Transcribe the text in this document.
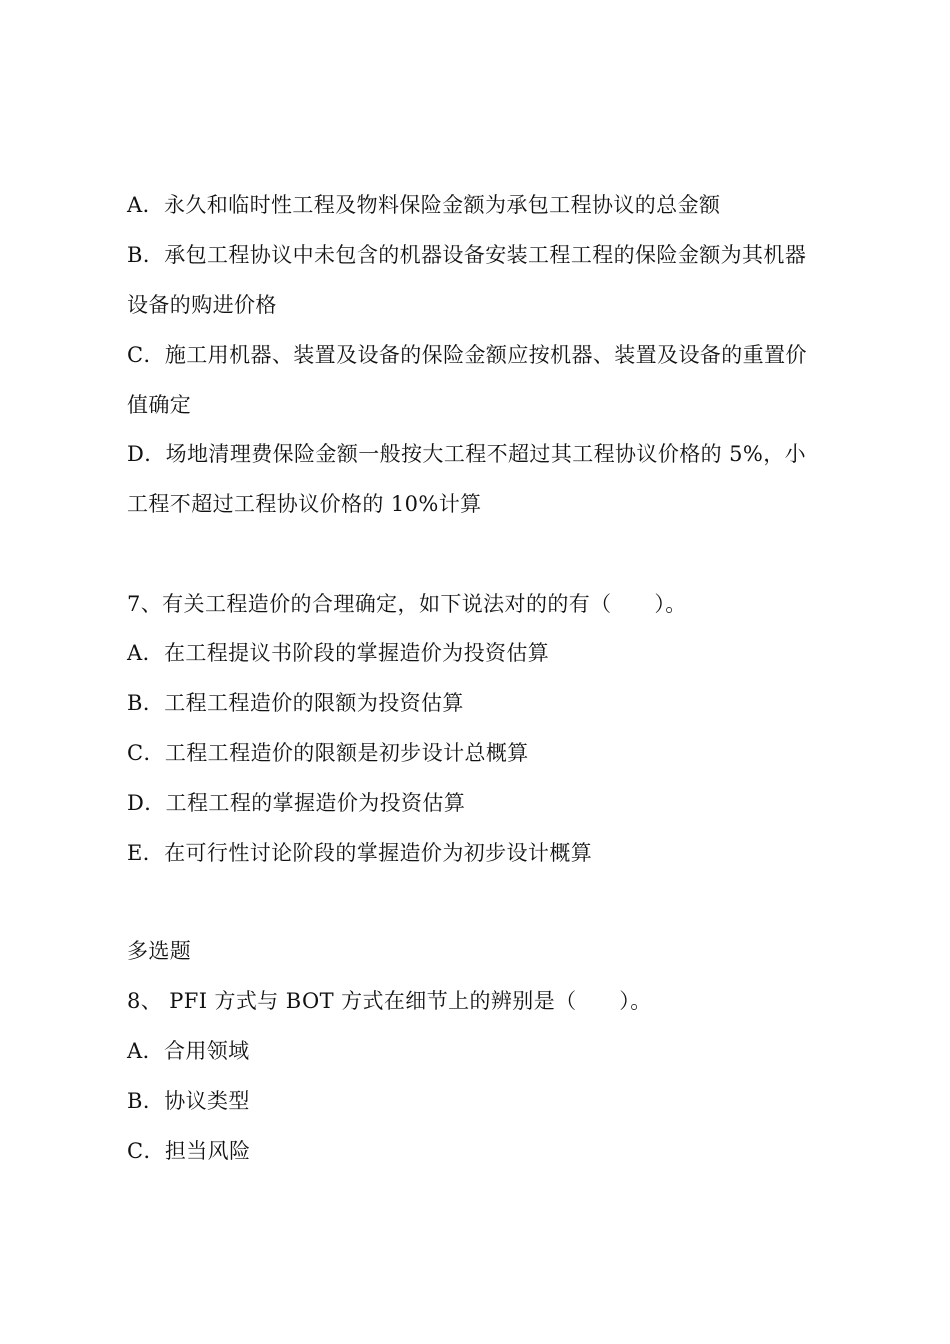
A．永久和临时性工程及物料保险金额为承包工程协议的总金额
B．承包工程协议中未包含的机器设备安装工程工程的保险金额为其机器
设备的购进价格
C．施工用机器、装置及设备的保险金额应按机器、装置及设备的重置价
值确定
D．场地清理费保险金额一般按大工程不超过其工程协议价格的 5%，小
工程不超过工程协议价格的 10%计算
7、有关工程造价的合理确定，如下说法对的的有（　　）。
A．在工程提议书阶段的掌握造价为投资估算
B．工程工程造价的限额为投资估算
C．工程工程造价的限额是初步设计总概算
D．工程工程的掌握造价为投资估算
E．在可行性讨论阶段的掌握造价为初步设计概算
多选题
8、 PFI 方式与 BOT 方式在细节上的辨别是（　　）。
A．合用领域
B．协议类型
C．担当风险
